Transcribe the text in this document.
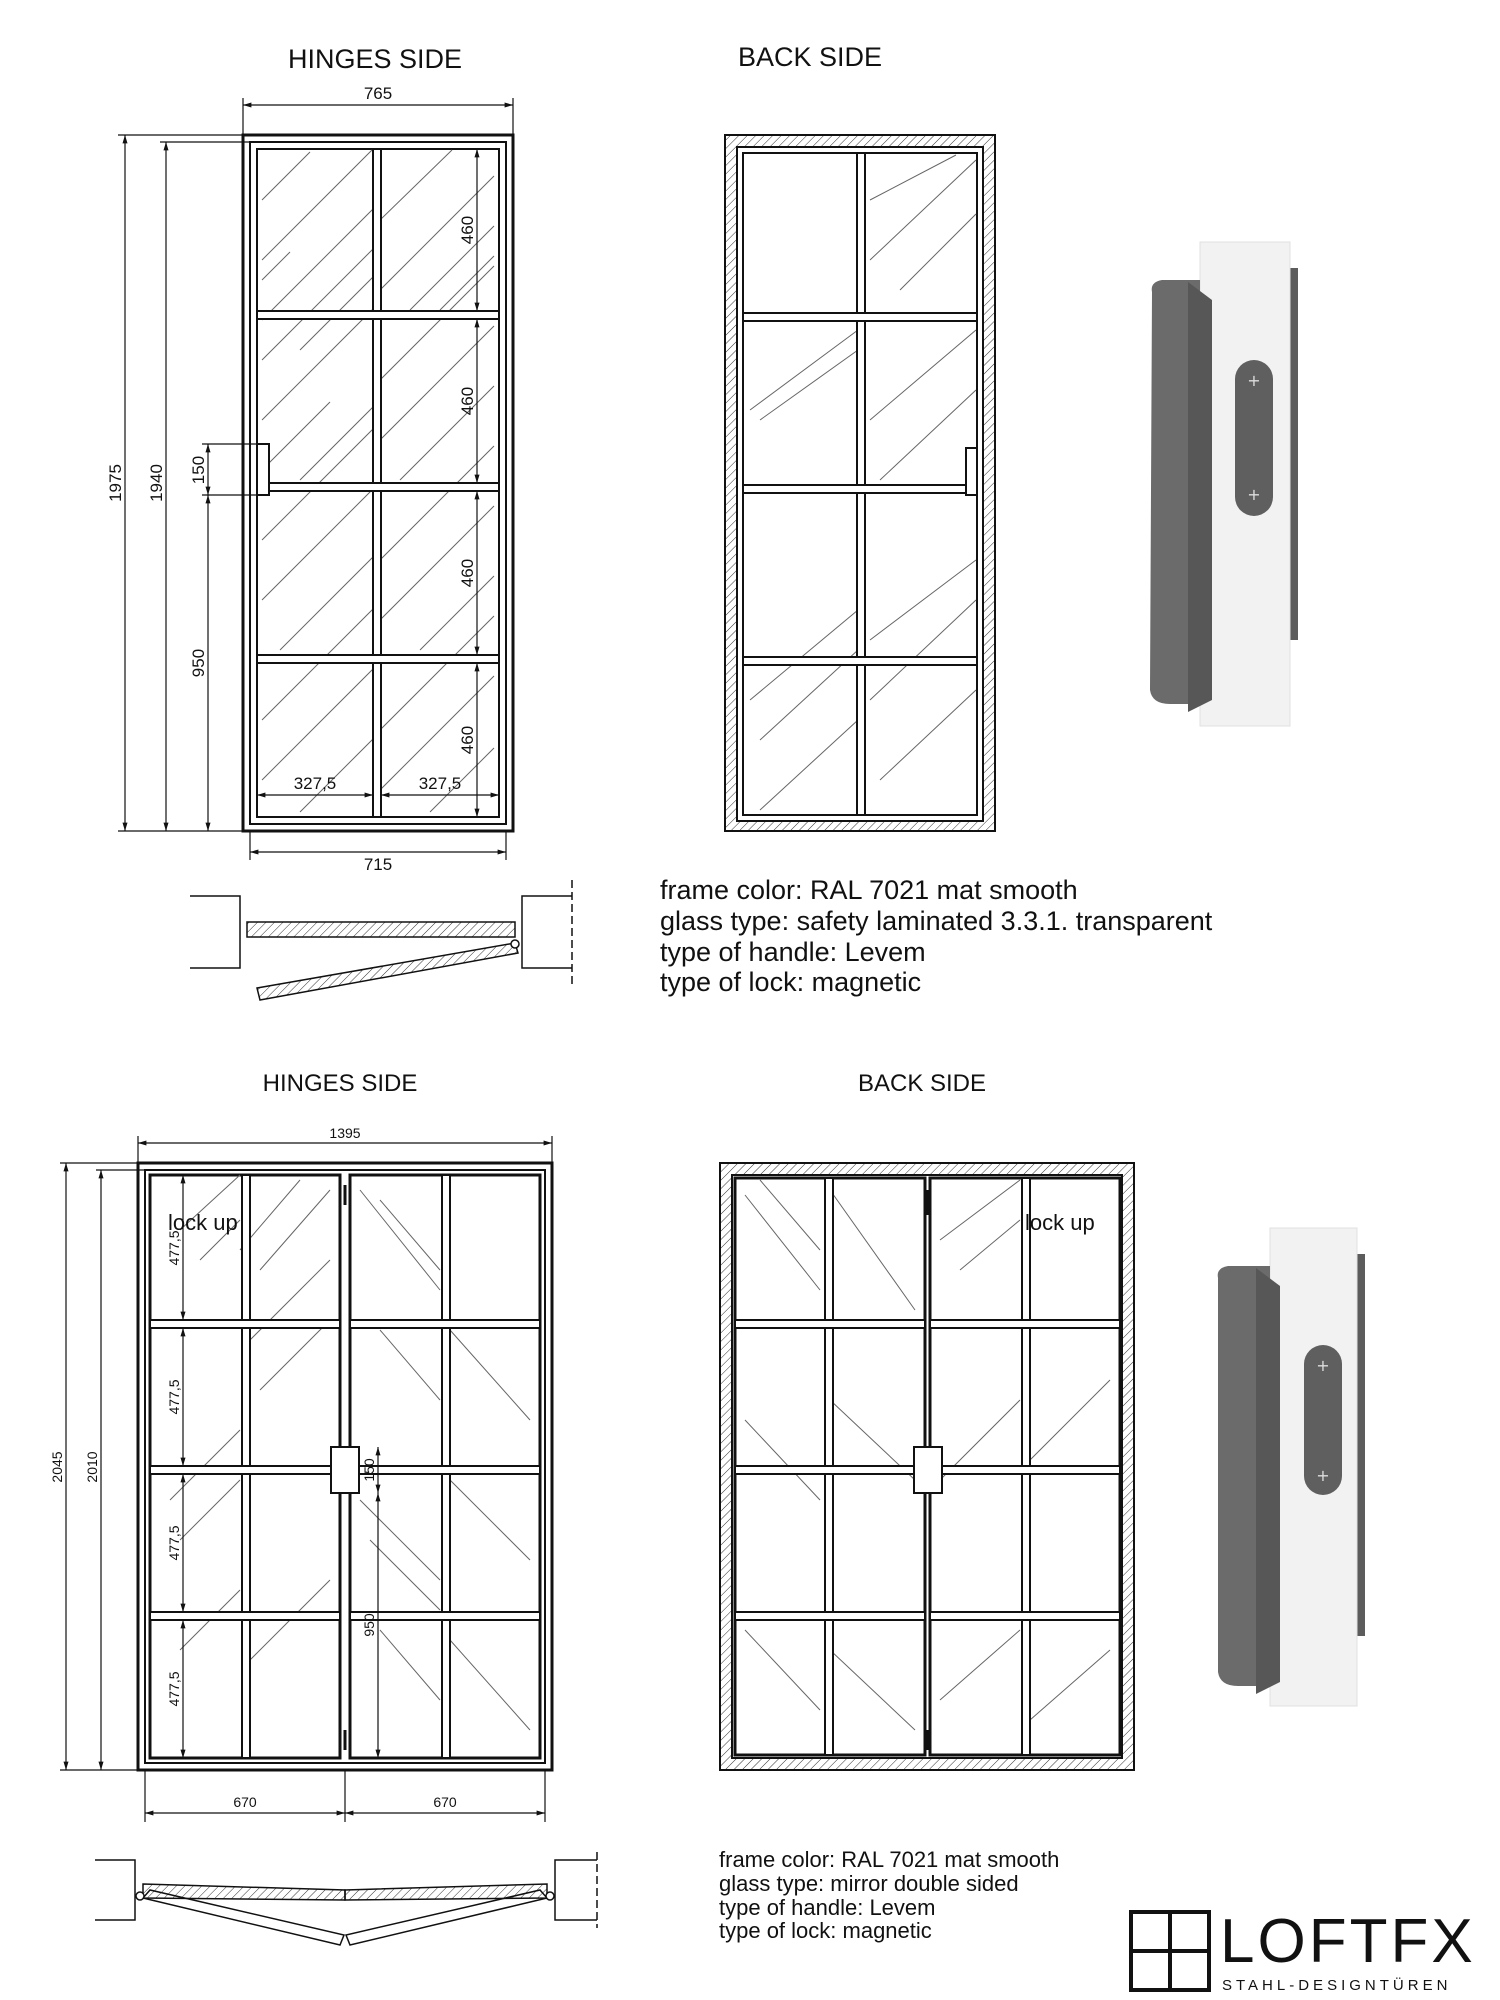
HINGES SIDE	BACK SIDE
765
715
1975 1940 150
950
460
460
460
460
327,5	327,5
+
+
HINGES SIDE	BACK SIDE
1395
670	670
2045 2010
477,5
477,5
477,5
477,5
150
950
lock up	lock up
+
+
LOFTFX
STAHL-DESIGNTÜREN
frame color: RAL 7021 mat smooth
glass type: safety laminated 3.3.1. transparent
type of handle: Levem
type of lock: magnetic
frame color: RAL 7021 mat smooth
glass type: mirror double sided
type of handle: Levem
type of lock: magnetic
